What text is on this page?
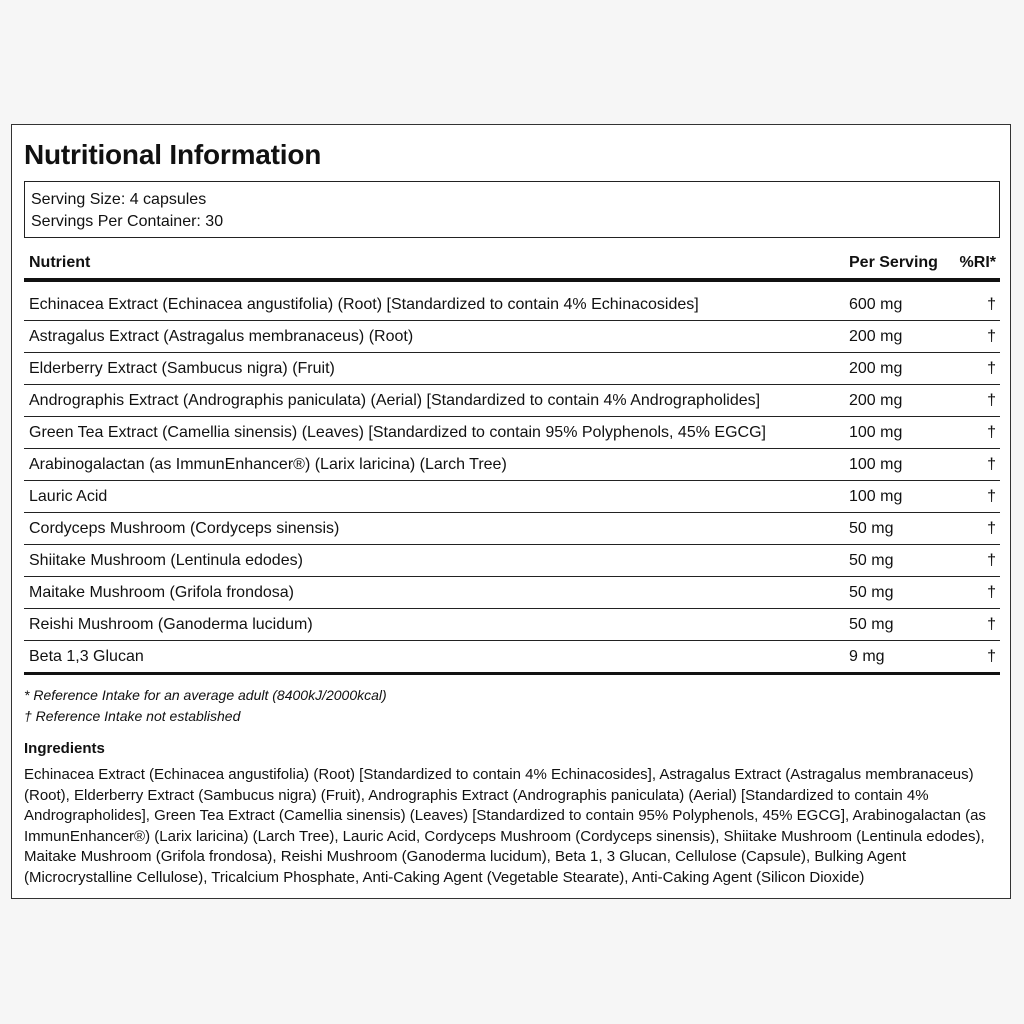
Nutritional Information
Serving Size: 4 capsules
Servings Per Container: 30
Nutrient	Per Serving %RI*
Echinacea Extract (Echinacea angustifolia) (Root) [Standardized to contain 4% Echinacosides]	600 mg	†
Astragalus Extract (Astragalus membranaceus) (Root)	200 mg	†
Elderberry Extract (Sambucus nigra) (Fruit)	200 mg	†
Andrographis Extract (Andrographis paniculata) (Aerial) [Standardized to contain 4% Andrographolides]	200 mg	†
Green Tea Extract (Camellia sinensis) (Leaves) [Standardized to contain 95% Polyphenols, 45% EGCG]	100 mg	†
Arabinogalactan (as ImmunEnhancer®) (Larix laricina) (Larch Tree)	100 mg	†
Lauric Acid	100 mg	†
Cordyceps Mushroom (Cordyceps sinensis)	50 mg	†
Shiitake Mushroom (Lentinula edodes)	50 mg	†
Maitake Mushroom (Grifola frondosa)	50 mg	†
Reishi Mushroom (Ganoderma lucidum)	50 mg	†
Beta 1,3 Glucan	9 mg	†
* Reference Intake for an average adult (8400kJ/2000kcal)
† Reference Intake not established
Ingredients
Echinacea Extract (Echinacea angustifolia) (Root) [Standardized to contain 4% Echinacosides], Astragalus Extract (Astragalus membranaceus) (Root), Elderberry Extract (Sambucus nigra) (Fruit), Andrographis Extract (Andrographis paniculata) (Aerial) [Standardized to contain 4% Andrographolides], Green Tea Extract (Camellia sinensis) (Leaves) [Standardized to contain 95% Polyphenols, 45% EGCG], Arabinogalactan (as ImmunEnhancer®) (Larix laricina) (Larch Tree), Lauric Acid, Cordyceps Mushroom (Cordyceps sinensis), Shiitake Mushroom (Lentinula edodes), Maitake Mushroom (Grifola frondosa), Reishi Mushroom (Ganoderma lucidum), Beta 1, 3 Glucan, Cellulose (Capsule), Bulking Agent (Microcrystalline Cellulose), Tricalcium Phosphate, Anti-Caking Agent (Vegetable Stearate), Anti-Caking Agent (Silicon Dioxide)
